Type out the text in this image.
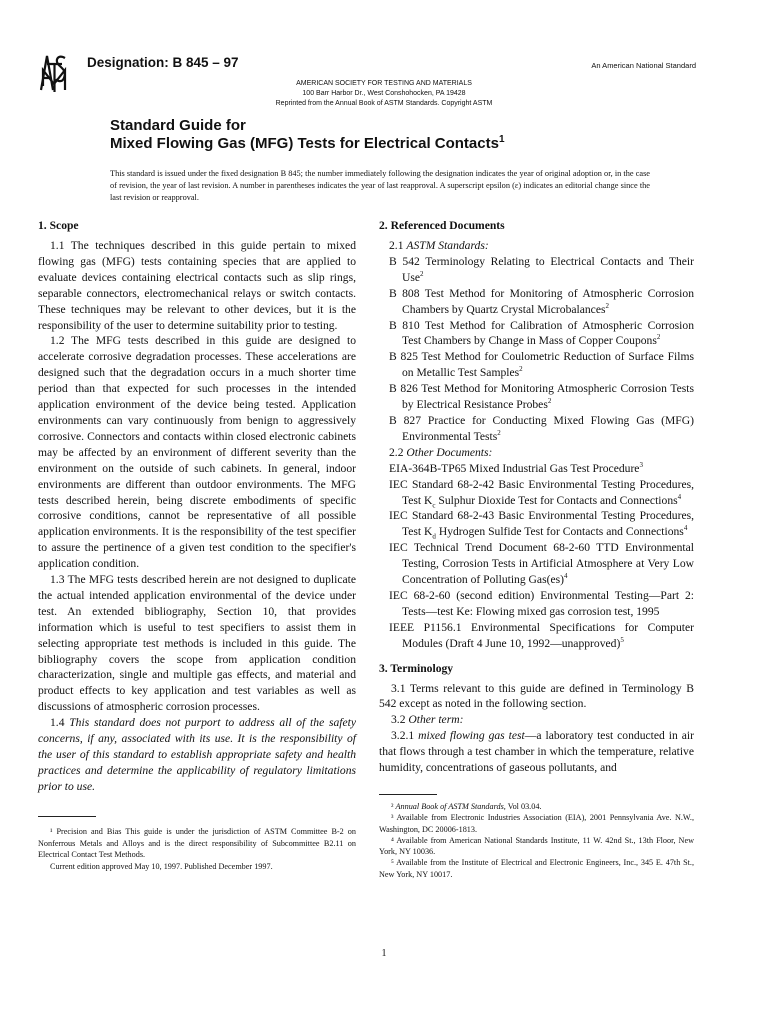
Designation: B 845 – 97	An American National Standard
AMERICAN SOCIETY FOR TESTING AND MATERIALS
100 Barr Harbor Dr., West Conshohocken, PA 19428
Reprinted from the Annual Book of ASTM Standards. Copyright ASTM
Standard Guide for
Mixed Flowing Gas (MFG) Tests for Electrical Contacts$^1$
This standard is issued under the fixed designation B 845; the number immediately following the designation indicates the year of original adoption or, in the case of revision, the year of last revision. A number in parentheses indicates the year of last reapproval. A superscript epsilon (ε) indicates an editorial change since the last revision or reapproval.
1. Scope

1.1 The techniques described in this guide pertain to mixed flowing gas (MFG) tests containing species that are applied to evaluate devices containing electrical contacts such as slip rings, separable connectors, electromechanical relays or switch contacts. These techniques may be relevant to other devices, but it is the responsibility of the user to determine suitability prior to testing.

1.2 The MFG tests described in this guide are designed to accelerate corrosive degradation processes. These accelerations are designed such that the degradation occurs in a much shorter time period than that expected for such processes in the intended application environment of the device being tested. Application environments can vary continuously from benign to aggressively corrosive. Connectors and contacts within closed electronic cabinets may be affected by an environment of different severity than the environment on the outside of such cabinets. In general, indoor environments are different than outdoor environments. The MFG tests described herein, being discrete embodiments of specific corrosive conditions, cannot be representative of all possible application environments. It is the responsibility of the test specifier to assure the pertinence of a given test condition to the specifier's application condition.

1.3 The MFG tests described herein are not designed to duplicate the actual intended application environmental of the device under test. An extended bibliography, Section 10, that provides information which is useful to test specifiers to assist them in selecting appropriate test methods is included in this guide. The bibliography covers the scope from application condition characterization, single and multiple gas effects, and material and product effects to key application and test variables as well as discussions of atmospheric corrosion processes.

1.4 This standard does not purport to address all of the safety concerns, if any, associated with its use. It is the responsibility of the user of this standard to establish appropriate safety and health practices and determine the applicability of regulatory limitations prior to use.

¹ Precision and Bias This guide is under the jurisdiction of ASTM Committee B-2 on Nonferrous Metals and Alloys and is the direct responsibility of Subcommittee B2.11 on Electrical Contact Test Methods.

Current edition approved May 10, 1997. Published December 1997.

2. Referenced Documents

2.1 ASTM Standards:

B 542 Terminology Relating to Electrical Contacts and Their Use$^2$

B 808 Test Method for Monitoring of Atmospheric Corrosion Chambers by Quartz Crystal Microbalances$^2$

B 810 Test Method for Calibration of Atmospheric Corrosion Test Chambers by Change in Mass of Copper Coupons$^2$

B 825 Test Method for Coulometric Reduction of Surface Films on Metallic Test Samples$^2$

B 826 Test Method for Monitoring Atmospheric Corrosion Tests by Electrical Resistance Probes$^2$

B 827 Practice for Conducting Mixed Flowing Gas (MFG) Environmental Tests$^2$

2.2 Other Documents:

EIA-364B-TP65 Mixed Industrial Gas Test Procedure$^3$

IEC Standard 68-2-42 Basic Environmental Testing Procedures, Test $K_c$ Sulphur Dioxide Test for Contacts and Connections$^4$

IEC Standard 68-2-43 Basic Environmental Testing Procedures, Test $K_d$ Hydrogen Sulfide Test for Contacts and Connections$^4$

IEC Technical Trend Document 68-2-60 TTD Environmental Testing, Corrosion Tests in Artificial Atmosphere at Very Low Concentration of Polluting Gas(es)$^4$

IEC 68-2-60 (second edition) Environmental Testing—Part 2: Tests—test Ke: Flowing mixed gas corrosion test, 1995

IEEE P1156.1 Environmental Specifications for Computer Modules (Draft 4 June 10, 1992—unapproved)$^5$

3. Terminology

3.1 Terms relevant to this guide are defined in Terminology B 542 except as noted in the following section.

3.2 Other term:

3.2.1 mixed flowing gas test—a laboratory test conducted in air that flows through a test chamber in which the temperature, relative humidity, concentrations of gaseous pollutants, and

² Annual Book of ASTM Standards, Vol 03.04.

³ Available from Electronic Industries Association (EIA), 2001 Pennsylvania Ave. N.W., Washington, DC 20006-1813.

⁴ Available from American National Standards Institute, 11 W. 42nd St., 13th Floor, New York, NY 10036.

⁵ Available from the Institute of Electrical and Electronic Engineers, Inc., 345 E. 47th St., New York, NY 10017.

1
